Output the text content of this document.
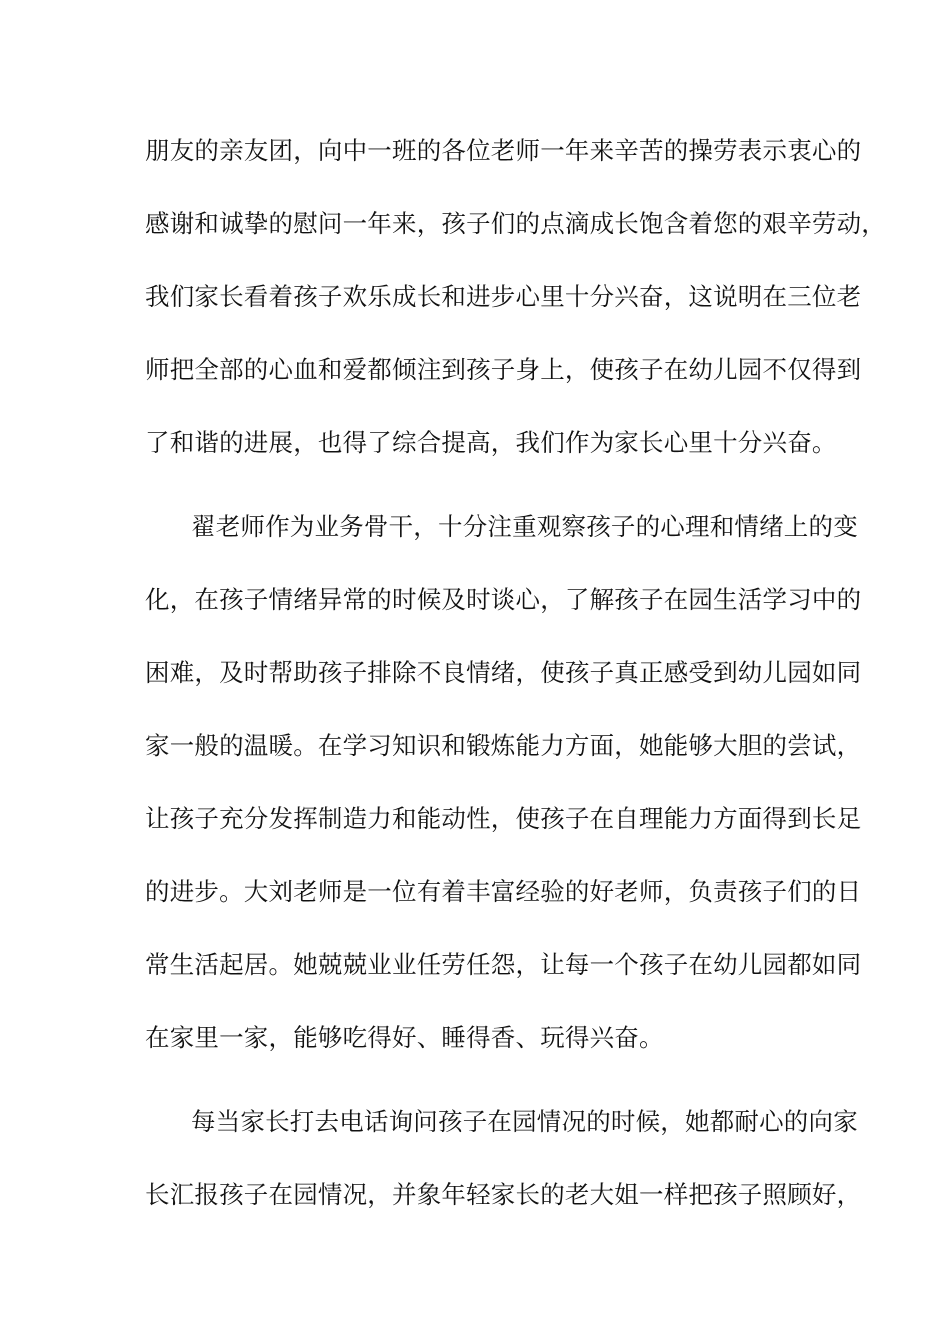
朋友的亲友团，向中一班的各位老师一年来辛苦的操劳表示衷心的
感谢和诚挚的慰问一年来，孩子们的点滴成长饱含着您的艰辛劳动，
我们家长看着孩子欢乐成长和进步心里十分兴奋，这说明在三位老
师把全部的心血和爱都倾注到孩子身上，使孩子在幼儿园不仅得到
了和谐的进展，也得了综合提高，我们作为家长心里十分兴奋。
翟老师作为业务骨干，十分注重观察孩子的心理和情绪上的变
化，在孩子情绪异常的时候及时谈心，了解孩子在园生活学习中的
困难，及时帮助孩子排除不良情绪，使孩子真正感受到幼儿园如同
家一般的温暖。在学习知识和锻炼能力方面，她能够大胆的尝试，
让孩子充分发挥制造力和能动性，使孩子在自理能力方面得到长足
的进步。大刘老师是一位有着丰富经验的好老师，负责孩子们的日
常生活起居。她兢兢业业任劳任怨，让每一个孩子在幼儿园都如同
在家里一家，能够吃得好、睡得香、玩得兴奋。
每当家长打去电话询问孩子在园情况的时候，她都耐心的向家
长汇报孩子在园情况，并象年轻家长的老大姐一样把孩子照顾好，
